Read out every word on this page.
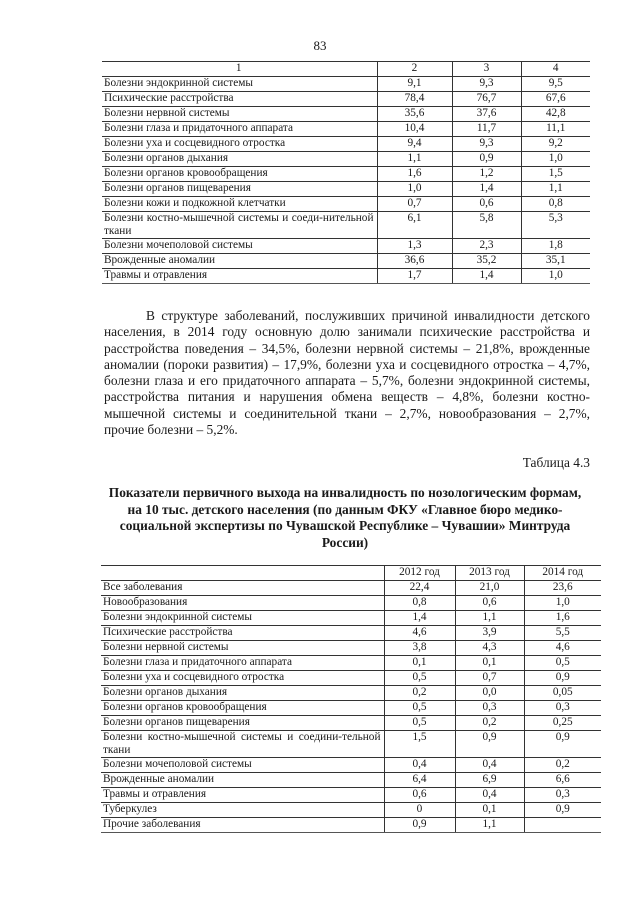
83
1	2	3	4
Болезни эндокринной системы	9,1	9,3	9,5
Психические расстройства	78,4	76,7	67,6
Болезни нервной системы	35,6	37,6	42,8
Болезни глаза и придаточного аппарата	10,4	11,7	11,1
Болезни уха и сосцевидного отростка	9,4	9,3	9,2
Болезни органов дыхания	1,1	0,9	1,0
Болезни органов кровообращения	1,6	1,2	1,5
Болезни органов пищеварения	1,0	1,4	1,1
Болезни кожи и подкожной клетчатки	0,7	0,6	0,8
Болезни костно-мышечной системы и соеди-нительной ткани	6,1	5,8	5,3
Болезни мочеполовой системы	1,3	2,3	1,8
Врожденные аномалии	36,6	35,2	35,1
Травмы и отравления	1,7	1,4	1,0
В структуре заболеваний, послуживших причиной инвалидности детского населения, в 2014 году основную долю занимали психические расстройства и расстройства поведения – 34,5%, болезни нервной системы – 21,8%, врожденные аномалии (пороки развития) – 17,9%, болезни уха и сосцевидного отростка – 4,7%, болезни глаза и его придаточного аппарата – 5,7%, болезни эндокринной системы, расстройства питания и нарушения обмена веществ – 4,8%, болезни костно-мышечной системы и соединительной ткани – 2,7%, новообразования – 2,7%, прочие болезни – 5,2%.
Таблица 4.3
Показатели первичного выхода на инвалидность по нозологическим формам, на 10 тыс. детского населения (по данным ФКУ «Главное бюро медико-социальной экспертизы по Чувашской Республике – Чувашии» Минтруда России)
	2012 год	2013 год	2014 год
Все заболевания	22,4	21,0	23,6
Новообразования	0,8	0,6	1,0
Болезни эндокринной системы	1,4	1,1	1,6
Психические расстройства	4,6	3,9	5,5
Болезни нервной системы	3,8	4,3	4,6
Болезни глаза и придаточного аппарата	0,1	0,1	0,5
Болезни уха и сосцевидного отростка	0,5	0,7	0,9
Болезни органов дыхания	0,2	0,0	0,05
Болезни органов кровообращения	0,5	0,3	0,3
Болезни органов пищеварения	0,5	0,2	0,25
Болезни костно-мышечной системы и соедини-тельной ткани	1,5	0,9	0,9
Болезни мочеполовой системы	0,4	0,4	0,2
Врожденные аномалии	6,4	6,9	6,6
Травмы и отравления	0,6	0,4	0,3
Туберкулез	0	0,1	0,9
Прочие заболевания	0,9	1,1	
